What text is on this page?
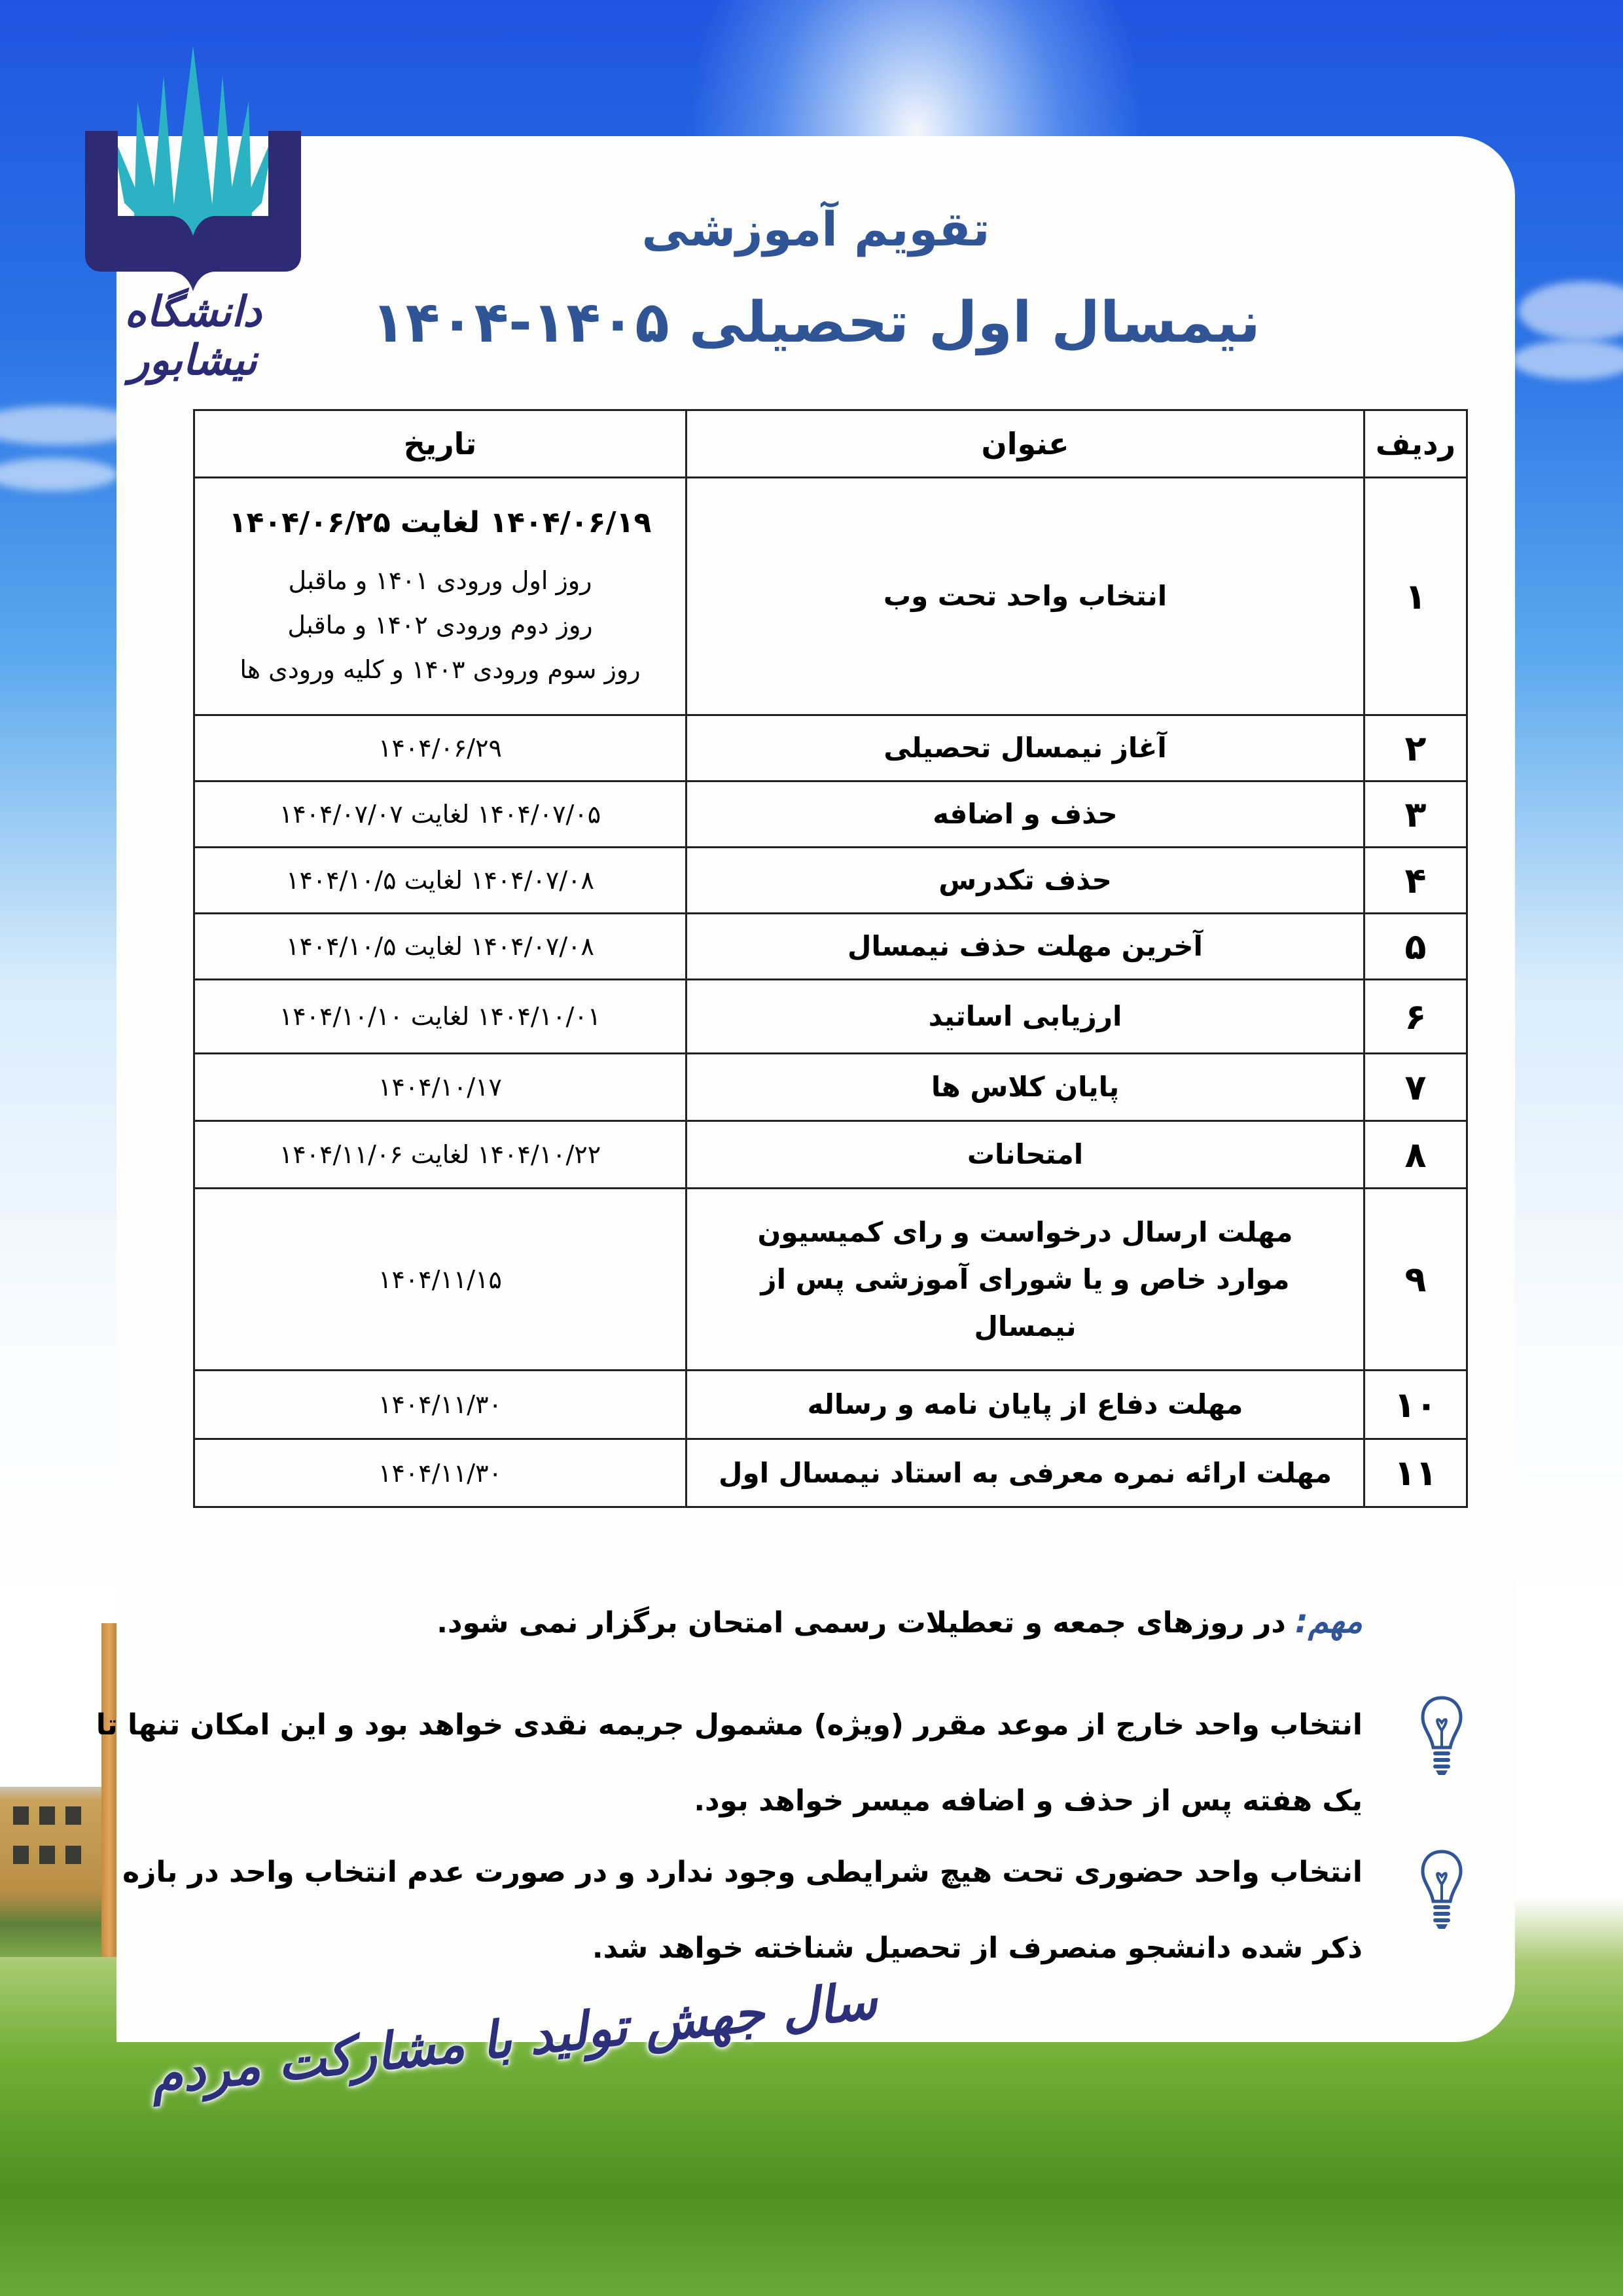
تقویم آموزشی
نیمسال اول تحصیلی ۱۴۰۵-۱۴۰۴
ردیف	عنوان	تاریخ
۱	انتخاب واحد تحت وب	۱۴۰۴/۰۶/۱۹ لغایت ۱۴۰۴/۰۶/۲۵
روز اول ورودی ۱۴۰۱ و ماقبل
روز دوم ورودی ۱۴۰۲ و ماقبل
روز سوم ورودی ۱۴۰۳ و کلیه ورودی ها

۲	آغاز نیمسال تحصیلی	۱۴۰۴/۰۶/۲۹
۳	حذف و اضافه	۱۴۰۴/۰۷/۰۵ لغایت ۱۴۰۴/۰۷/۰۷
۴	حذف تکدرس	۱۴۰۴/۰۷/۰۸ لغایت ۱۴۰۴/۱۰/۵
۵	آخرین مهلت حذف نیمسال	۱۴۰۴/۰۷/۰۸ لغایت ۱۴۰۴/۱۰/۵
۶	ارزیابی اساتید	۱۴۰۴/۱۰/۰۱ لغایت ۱۴۰۴/۱۰/۱۰
۷	پایان کلاس ها	۱۴۰۴/۱۰/۱۷
۸	امتحانات	۱۴۰۴/۱۰/۲۲ لغایت ۱۴۰۴/۱۱/۰۶
۹	مهلت ارسال درخواست و رای کمیسیون موارد خاص و یا شورای آموزشی پس از نیمسال	۱۴۰۴/۱۱/۱۵
۱۰	مهلت دفاع از پایان نامه و رساله	۱۴۰۴/۱۱/۳۰
۱۱	مهلت ارائه نمره معرفی به استاد نیمسال اول	۱۴۰۴/۱۱/۳۰
مهم:در روزهای جمعه و تعطیلات رسمی امتحان برگزار نمی شود.
انتخاب واحد خارج از موعد مقرر (ویژه) مشمول جریمه نقدی خواهد بود و این امکان تنها تا یک هفته پس از حذف و اضافه میسر خواهد بود.
انتخاب واحد حضوری تحت هیچ شرایطی وجود ندارد و در صورت عدم انتخاب واحد در بازه ذکر شده دانشجو منصرف از تحصیل شناخته خواهد شد.
دانشگاه نیشابور
سال جهش تولید با مشارکت مردم
